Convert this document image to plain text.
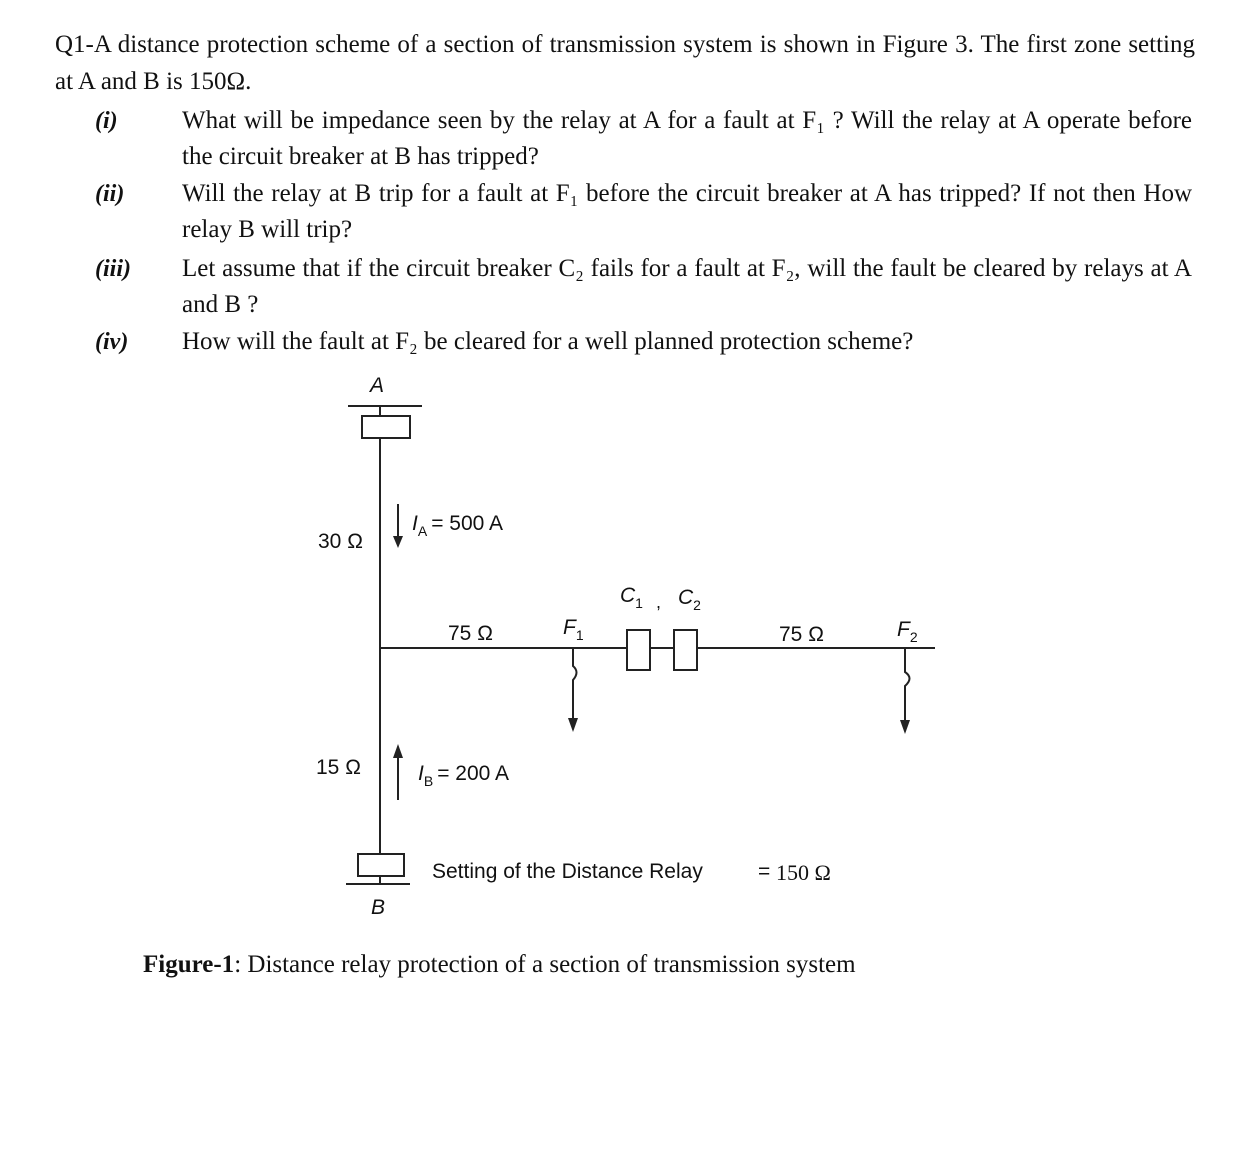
Q1-A distance protection scheme of a section of transmission system is shown in Figure 3. The first zone setting at A and B is 150Ω.
(i)	What will be impedance seen by the relay at A for a fault at F₁ ? Will the relay at A operate before the circuit breaker at B has tripped?
(ii) Will the relay at B trip for a fault at F₁ before the circuit breaker at A has tripped? If not then How relay B will trip?
(iii) Let assume that if the circuit breaker C₂ fails for a fault at F₂, will the fault be cleared by relays at A and B ?
(iv) How will the fault at F₂ be cleared for a well planned protection scheme?
A
B
30 Ω
$I_A = 500$ A
15 Ω	$I_B = 200$ A
75 Ω	75 Ω
$F_1$	$F_2$
$C_1$ $C_2$
Setting of the Distance Relay	= 150 Ω
,
Figure-1: Distance relay protection of a section of transmission system
